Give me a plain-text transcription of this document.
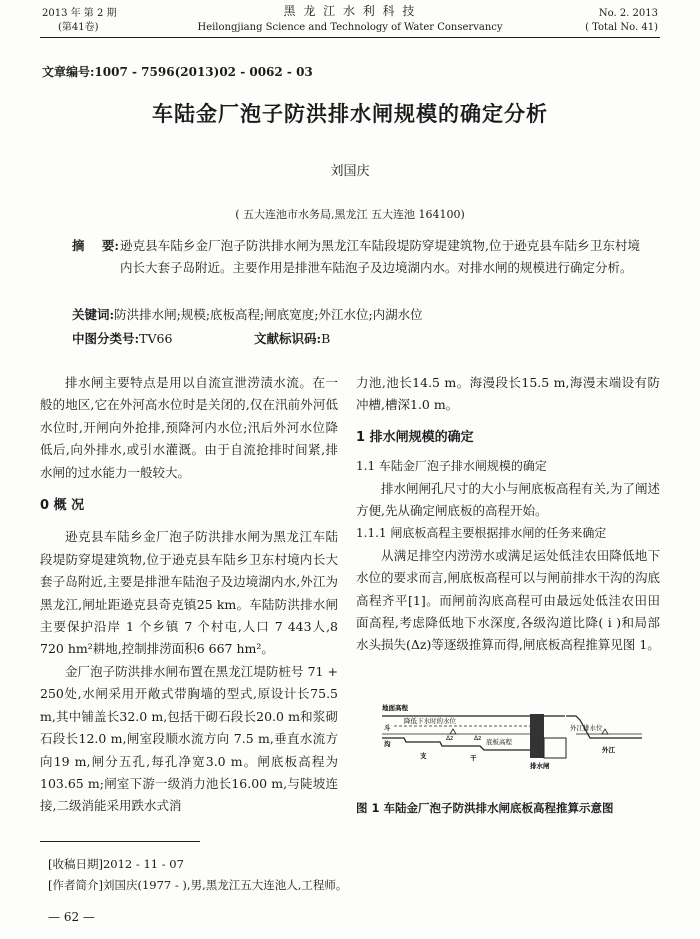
2013 年 第 2 期
(第41卷)
黑 龙 江 水 利 科 技
Heilongjiang Science and Technology of Water Conservancy
No. 2. 2013
( Total No. 41)
文章编号:1007 - 7596(2013)02 - 0062 - 03
车陆金厂泡子防洪排水闸规模的确定分析
刘国庆
( 五大连池市水务局,黑龙江 五大连池 164100)
摘    要: 逊克县车陆乡金厂泡子防洪排水闸为黑龙江车陆段堤防穿堤建筑物,位于逊克县车陆乡卫东村境内长大套子岛附近。主要作用是排泄车陆泡子及边境湖内水。对排水闸的规模进行确定分析。
关键词:防洪排水闸;规模;底板高程;闸底宽度;外江水位;内湖水位
中图分类号:TV66	文献标识码:B

排水闸主要特点是用以自流宣泄涝渍水流。在一般的地区,它在外河高水位时是关闭的,仅在汛前外河低水位时,开闸向外抢排,预降河内水位;汛后外河水位降低后,向外排水,或引水灌溉。由于自流抢排时间紧,排水闸的过水能力一般较大。

0 概 况

逊克县车陆乡金厂泡子防洪排水闸为黑龙江车陆段堤防穿堤建筑物,位于逊克县车陆乡卫东村境内长大套子岛附近,主要是排泄车陆泡子及边境湖内水,外江为黑龙江,闸址距逊克县奇克镇25 km。车陆防洪排水闸主要保护沿岸 1 个乡镇 7 个村屯,人口 7 443人,8 720 hm²耕地,控制排涝面积6 667 hm²。

金厂泡子防洪排水闸布置在黑龙江堤防桩号 71 + 250处,水闸采用开敞式带胸墙的型式,原设计长75.5 m,其中铺盖长32.0 m,包括干砌石段长20.0 m和浆砌石段长12.0 m,闸室段顺水流方向 7.5 m,垂直水流方向19 m,闸分五孔,每孔净宽3.0 m。闸底板高程为103.65 m;闸室下游一级消力池长16.00 m,与陡坡连接,二级消能采用跌水式消

力池,池长14.5 m。海漫段长15.5 m,海漫末端设有防冲槽,槽深1.0 m。
1 排水闸规模的确定
1.1 车陆金厂泡子排水闸规模的确定

排水闸闸孔尺寸的大小与闸底板高程有关,为了阐述方便,先从确定闸底板的高程开始。

1.1.1 闸底板高程主要根据排水闸的任务来确定

从满足排空内涝涝水或满足运处低洼农田降低地下水位的要求而言,闸底板高程可以与闸前排水干沟的沟底高程齐平[1]。而闸前沟底高程可由最远处低洼农田田面高程,考虑降低地下水深度,各级沟道比降( i )和局部水头损失(Δz)等逐级推算而得,闸底板高程推算见图 1。

地面高程
降低下水时的水位
底板高程
外江排水位
斗
沟
支	干
Δz	Δz
排水闸
外江
图 1 车陆金厂泡子防洪排水闸底板高程推算示意图
[收稿日期]2012 - 11 - 07
[作者简介]刘国庆(1977 - ),男,黑龙江五大连池人,工程师。
— 62 —
